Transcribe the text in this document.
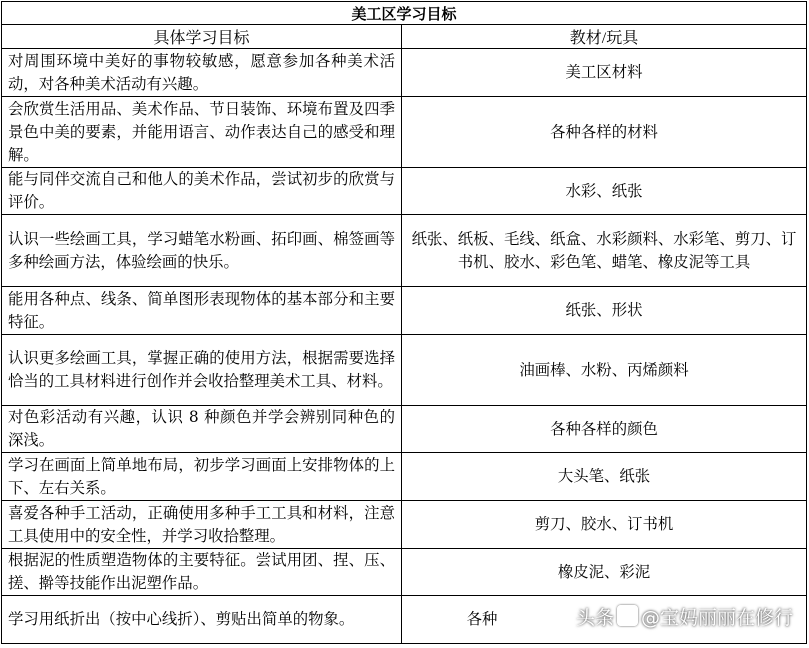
美工区学习目标	
具体学习目标	教材/玩具
对周围环境中美好的事物较敏感，愿意参加各种美术活动，对各种美术活动有兴趣。	美工区材料
会欣赏生活用品、美术作品、节日装饰、环境布置及四季景色中美的要素，并能用语言、动作表达自己的感受和理解。	各种各样的材料
能与同伴交流自己和他人的美术作品，尝试初步的欣赏与评价。	水彩、纸张
认识一些绘画工具，学习蜡笔水粉画、拓印画、棉签画等多种绘画方法，体验绘画的快乐。	纸张、纸板、毛线、纸盒、水彩颜料、水彩笔、剪刀、订书机、胶水、彩色笔、蜡笔、橡皮泥等工具
能用各种点、线条、简单图形表现物体的基本部分和主要特征。	纸张、形状
认识更多绘画工具，掌握正确的使用方法，根据需要选择恰当的工具材料进行创作并会收拾整理美术工具、材料。	油画棒、水粉、丙烯颜料
对色彩活动有兴趣，认识 8 种颜色并学会辨别同种色的深浅。	各种各样的颜色
学习在画面上简单地布局，初步学习画面上安排物体的上下、左右关系。	大头笔、纸张
喜爱各种手工活动，正确使用多种手工工具和材料，注意工具使用中的安全性，并学习收拾整理。	剪刀、胶水、订书机
根据泥的性质塑造物体的主要特征。尝试用团、捏、压、搓、擀等技能作出泥塑作品。	橡皮泥、彩泥
学习用纸折出（按中心线折）、剪贴出简单的物象。	各种	头条 @宝妈丽丽在修行
